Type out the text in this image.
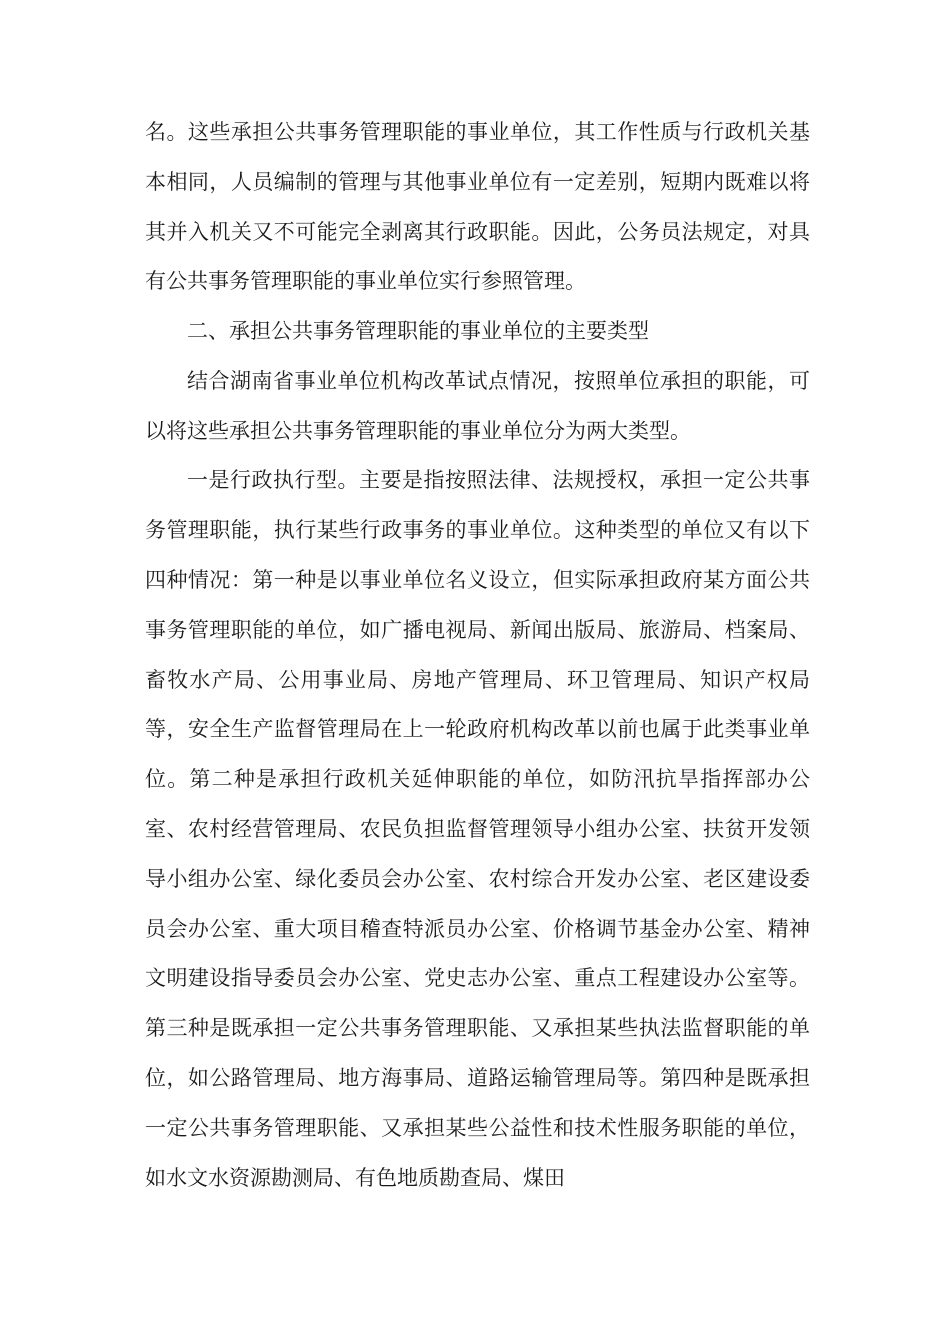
名。这些承担公共事务管理职能的事业单位，其工作性质与行政机关基本相同，人员编制的管理与其他事业单位有一定差别，短期内既难以将其并入机关又不可能完全剥离其行政职能。因此，公务员法规定，对具有公共事务管理职能的事业单位实行参照管理。

二、承担公共事务管理职能的事业单位的主要类型

结合湖南省事业单位机构改革试点情况，按照单位承担的职能，可以将这些承担公共事务管理职能的事业单位分为两大类型。

一是行政执行型。主要是指按照法律、法规授权，承担一定公共事务管理职能，执行某些行政事务的事业单位。这种类型的单位又有以下四种情况：第一种是以事业单位名义设立，但实际承担政府某方面公共事务管理职能的单位，如广播电视局、新闻出版局、旅游局、档案局、畜牧水产局、公用事业局、房地产管理局、环卫管理局、知识产权局等，安全生产监督管理局在上一轮政府机构改革以前也属于此类事业单位。第二种是承担行政机关延伸职能的单位，如防汛抗旱指挥部办公室、农村经营管理局、农民负担监督管理领导小组办公室、扶贫开发领导小组办公室、绿化委员会办公室、农村综合开发办公室、老区建设委员会办公室、重大项目稽查特派员办公室、价格调节基金办公室、精神文明建设指导委员会办公室、党史志办公室、重点工程建设办公室等。第三种是既承担一定公共事务管理职能、又承担某些执法监督职能的单位，如公路管理局、地方海事局、道路运输管理局等。第四种是既承担一定公共事务管理职能、又承担某些公益性和技术性服务职能的单位，如水文水资源勘测局、有色地质勘查局、煤田
